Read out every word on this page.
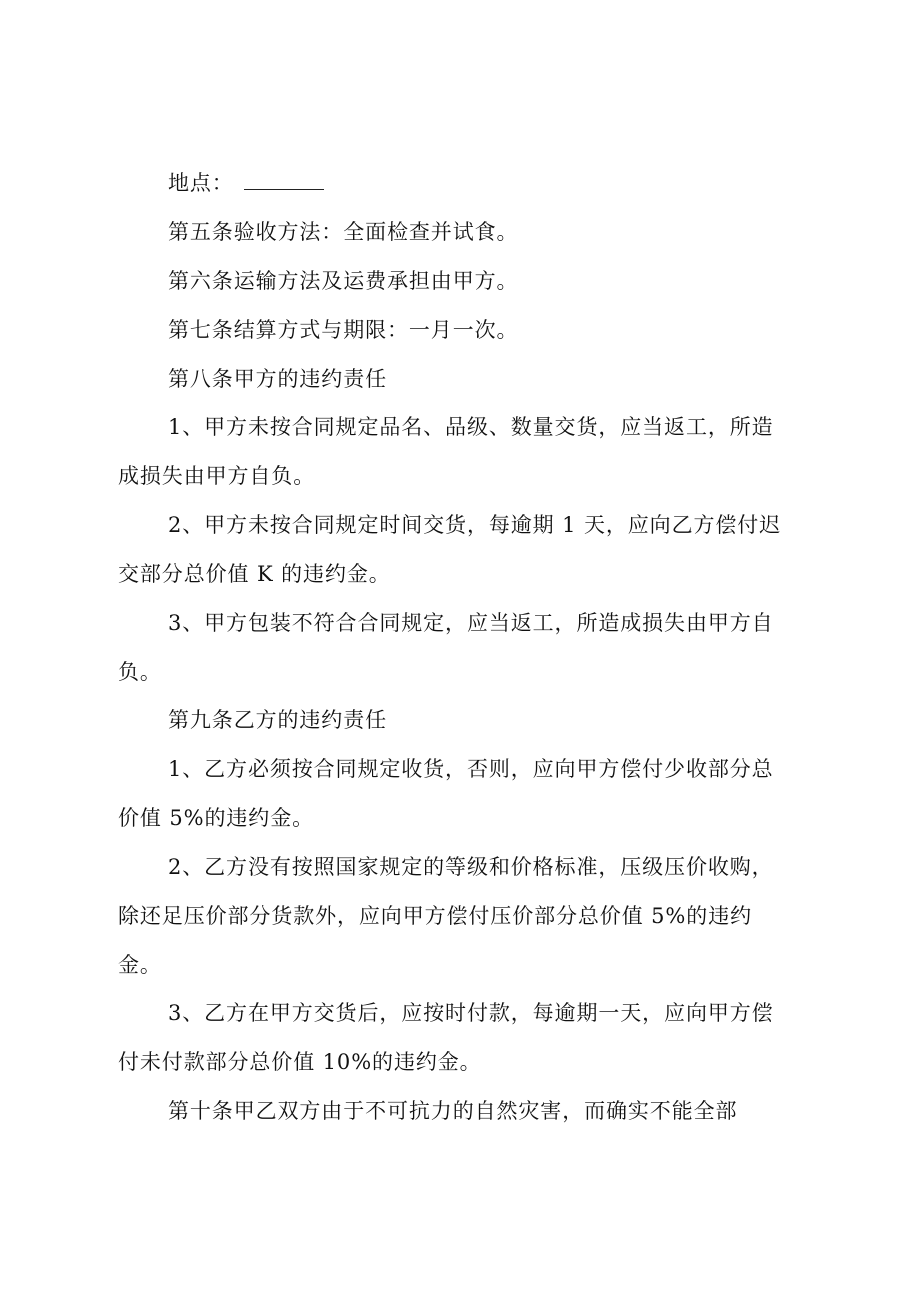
地点：
第五条验收方法：全面检查并试食。
第六条运输方法及运费承担由甲方。
第七条结算方式与期限：一月一次。
第八条甲方的违约责任
1、甲方未按合同规定品名、品级、数量交货，应当返工，所造
成损失由甲方自负。
2、甲方未按合同规定时间交货，每逾期 1 天，应向乙方偿付迟
交部分总价值 K 的违约金。
3、甲方包装不符合合同规定，应当返工，所造成损失由甲方自
负。
第九条乙方的违约责任
1、乙方必须按合同规定收货，否则，应向甲方偿付少收部分总
价值 5%的违约金。
2、乙方没有按照国家规定的等级和价格标准，压级压价收购，
除还足压价部分货款外，应向甲方偿付压价部分总价值 5%的违约
金。
3、乙方在甲方交货后，应按时付款，每逾期一天，应向甲方偿
付未付款部分总价值 10%的违约金。
第十条甲乙双方由于不可抗力的自然灾害，而确实不能全部
